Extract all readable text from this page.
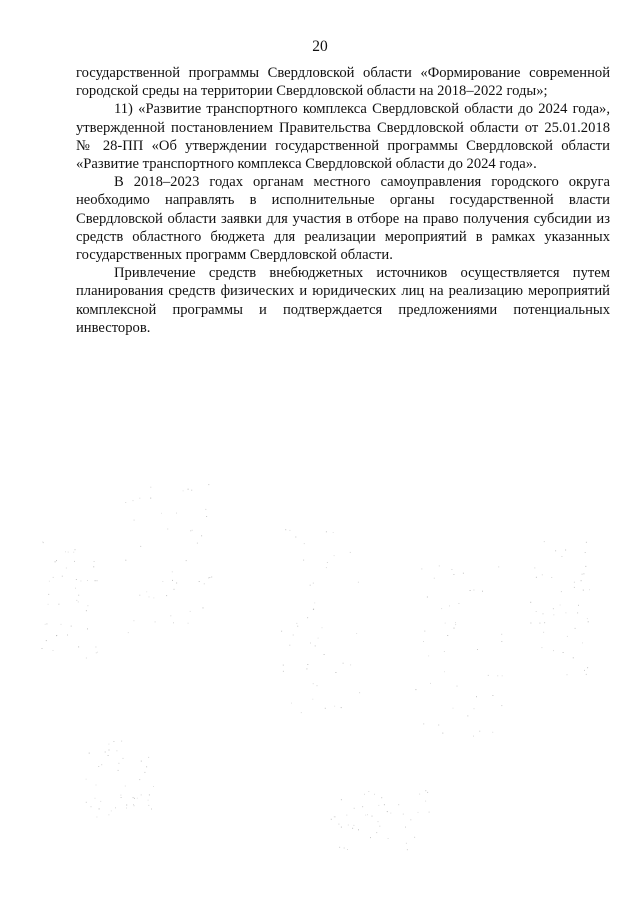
20

государственной программы Свердловской области «Формирование современной городской среды на территории Свердловской области на 2018–2022 годы»;

11) «Развитие транспортного комплекса Свердловской области до 2024 года», утвержденной постановлением Правительства Свердловской области от 25.01.2018 № 28-ПП «Об утверждении государственной программы Свердловской области «Развитие транспортного комплекса Свердловской области до 2024 года».

В 2018–2023 годах органам местного самоуправления городского округа необходимо направлять в исполнительные органы государственной власти Свердловской области заявки для участия в отборе на право получения субсидии из средств областного бюджета для реализации мероприятий в рамках указанных государственных программ Свердловской области.

Привлечение средств внебюджетных источников осуществляется путем планирования средств физических и юридических лиц на реализацию мероприятий комплексной программы и подтверждается предложениями потенциальных инвесторов.
